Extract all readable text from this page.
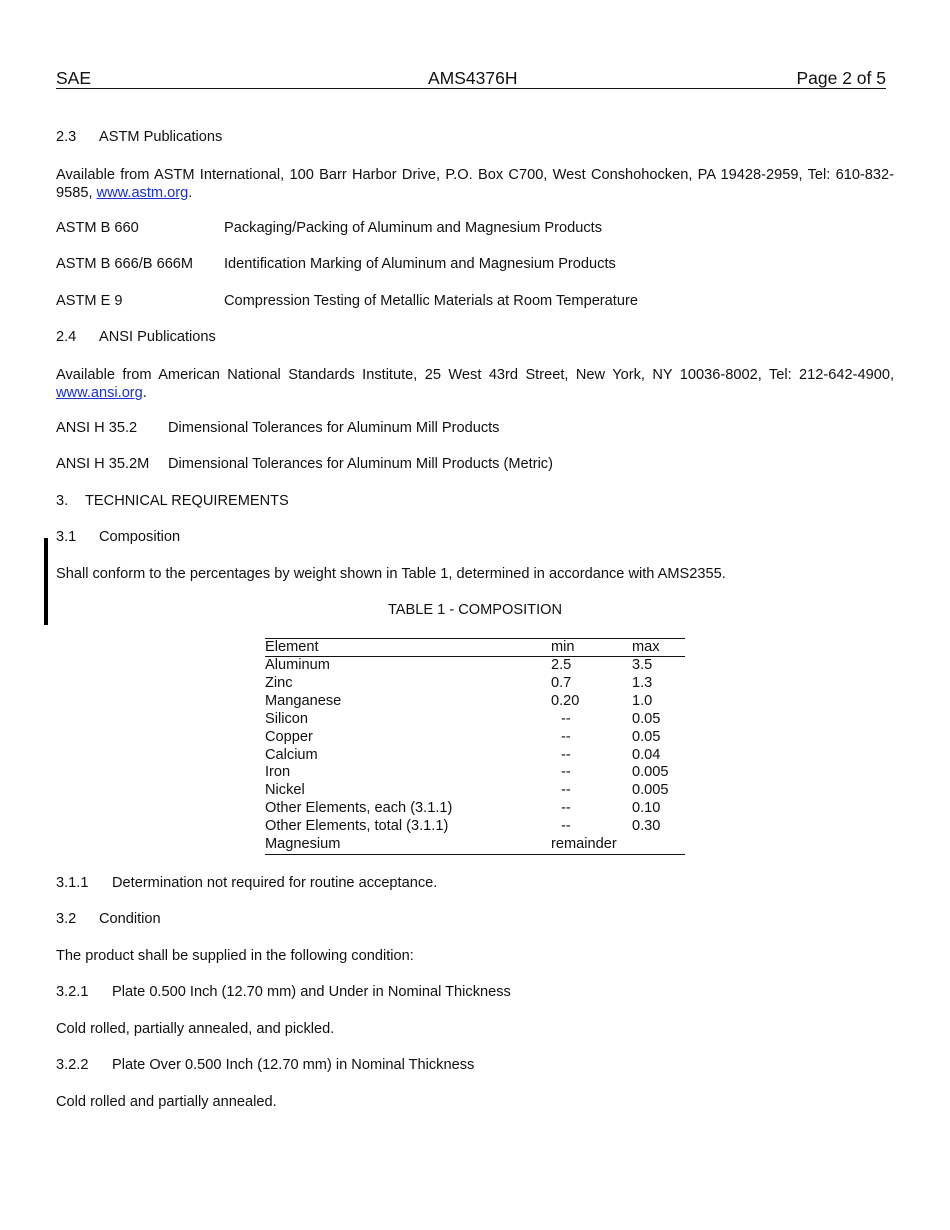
SAE	AMS4376H	Page 2 of 5
2.3 ASTM Publications
Available from ASTM International, 100 Barr Harbor Drive, P.O. Box C700, West Conshohocken, PA 19428-2959, Tel: 610-832-9585, www.astm.org.
ASTM B 660	Packaging/Packing of Aluminum and Magnesium Products
ASTM B 666/B 666M Identification Marking of Aluminum and Magnesium Products
ASTM E 9	Compression Testing of Metallic Materials at Room Temperature
2.4 ANSI Publications
Available from American National Standards Institute, 25 West 43rd Street, New York, NY 10036-8002, Tel: 212-642-4900, www.ansi.org.
ANSI H 35.2 Dimensional Tolerances for Aluminum Mill Products
ANSI H 35.2M Dimensional Tolerances for Aluminum Mill Products (Metric)
3. TECHNICAL REQUIREMENTS
3.1 Composition
Shall conform to the percentages by weight shown in Table 1, determined in accordance with AMS2355.
TABLE 1 - COMPOSITION
Element	min	max
Aluminum	2.5	3.5
Zinc	0.7	1.3
Manganese	0.20	1.0
Silicon	--	0.05
Copper	--	0.05
Calcium	--	0.04
Iron	--	0.005
Nickel	--	0.005
Other Elements, each (3.1.1)	--	0.10
Other Elements, total (3.1.1)	--	0.30
Magnesium	remainder	
3.1.1 Determination not required for routine acceptance.
3.2 Condition
The product shall be supplied in the following condition:
3.2.1 Plate 0.500 Inch (12.70 mm) and Under in Nominal Thickness
Cold rolled, partially annealed, and pickled.
3.2.2 Plate Over 0.500 Inch (12.70 mm) in Nominal Thickness
Cold rolled and partially annealed.
